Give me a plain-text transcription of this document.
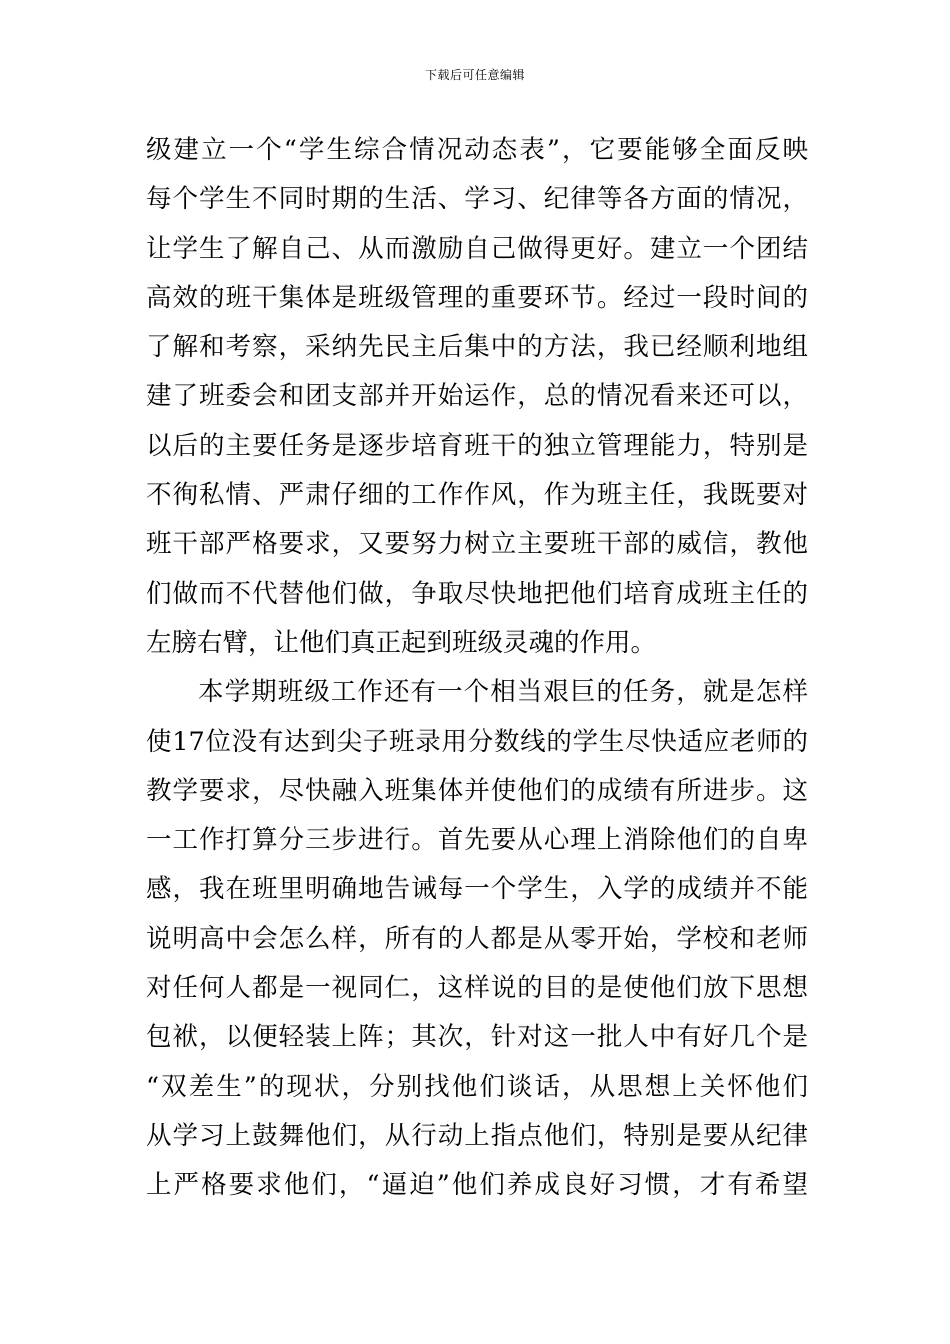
下载后可任意编辑
级建立一个“学生综合情况动态表”，它要能够全面反映
每个学生不同时期的生活、学习、纪律等各方面的情况，
让学生了解自己、从而激励自己做得更好。建立一个团结
高效的班干集体是班级管理的重要环节。经过一段时间的
了解和考察，采纳先民主后集中的方法，我已经顺利地组
建了班委会和团支部并开始运作，总的情况看来还可以，
以后的主要任务是逐步培育班干的独立管理能力，特别是
不徇私情、严肃仔细的工作作风，作为班主任，我既要对
班干部严格要求，又要努力树立主要班干部的威信，教他
们做而不代替他们做，争取尽快地把他们培育成班主任的
左膀右臂，让他们真正起到班级灵魂的作用。
本学期班级工作还有一个相当艰巨的任务，就是怎样
使17位没有达到尖子班录用分数线的学生尽快适应老师的
教学要求，尽快融入班集体并使他们的成绩有所进步。这
一工作打算分三步进行。首先要从心理上消除他们的自卑
感，我在班里明确地告诫每一个学生，入学的成绩并不能
说明高中会怎么样，所有的人都是从零开始，学校和老师
对任何人都是一视同仁，这样说的目的是使他们放下思想
包袱，以便轻装上阵；其次，针对这一批人中有好几个是
“双差生”的现状，分别找他们谈话，从思想上关怀他们
从学习上鼓舞他们，从行动上指点他们，特别是要从纪律
上严格要求他们，“逼迫”他们养成良好习惯，才有希望
